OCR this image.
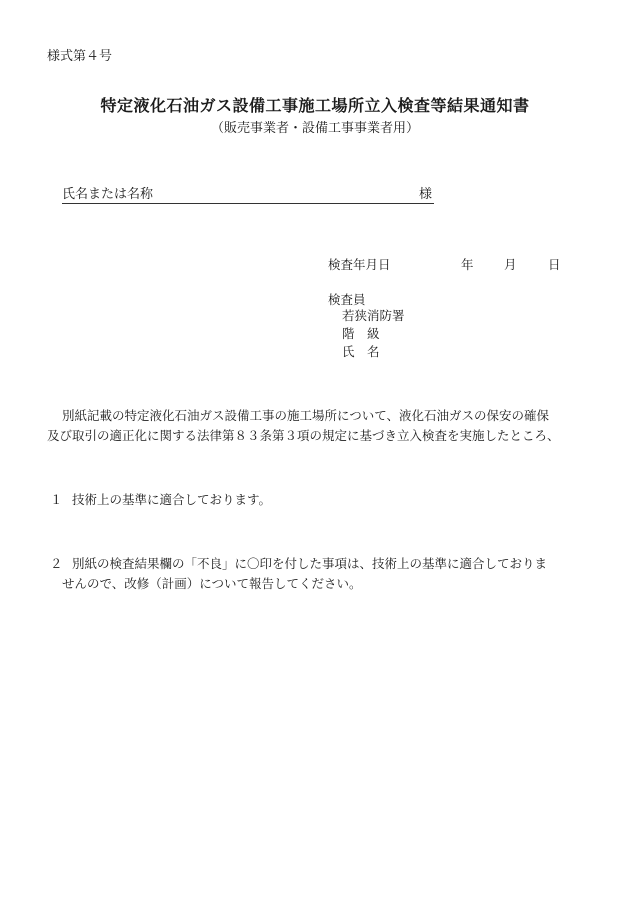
様式第４号
特定液化石油ガス設備工事施工場所立入検査等結果通知書
（販売事業者・設備工事事業者用）
氏名または名称	様
検査年月日	年 月	日
検査員
若狭消防署
階　級
氏　名
別紙記載の特定液化石油ガス設備工事の施工場所について、液化石油ガスの保安の確保
及び取引の適正化に関する法律第８３条第３項の規定に基づき立入検査を実施したところ、
１ 技術上の基準に適合しております。
２ 別紙の検査結果欄の「不良」に〇印を付した事項は、技術上の基準に適合しておりま
せんので、改修（計画）について報告してください。
